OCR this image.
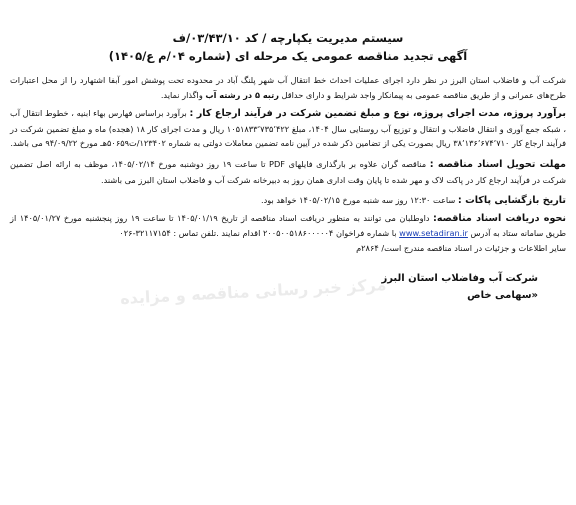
سیستم مدیریت یکپارچه / کد ۰۳/۴۳/۱۰/ف
آگهی تجدید مناقصه عمومی یک مرحله ای (شماره ۰۴/م ع/۱۴۰۵)

شرکت آب و فاضلاب استان البرز در نظر دارد اجرای عملیات احداث خط انتقال آب شهر پلنگ آباد در محدوده تحت پوشش امور آبفا اشتهارد را از محل اعتبارات طرح‌های عمرانی و از طریق مناقصه عمومی به پیمانکار واجد شرایط و دارای حداقل رتبه ۵ در رشته آب واگذار نماید.

برآورد پروژه، مدت اجرای پروژه، نوع و مبلغ تضمین شرکت در فرآیند ارجاع کار : برآورد براساس فهارس بهاء ابنیه ، خطوط انتقال آب ، شبکه جمع آوری و انتقال فاضلاب و انتقال و توزیع آب روستایی سال ۱۴۰۴، مبلغ ۱۰۵۱۸۳۳٬۷۳۵٬۴۲۲ ریال و مدت اجرای کار ۱۸ (هجده) ماه و مبلغ تضمین شرکت در فرآیند ارجاع کار ۳۸٬۱۳۶٬۶۷۴٬۷۱۰ ریال بصورت یکی از تضامین ذکر شده در آیین نامه تضمین معاملات دولتی به شماره ۱۲۳۴۰۲/ت۵۰۶۵۹هـ مورخ ۹۴/۰۹/۲۲ می باشد.

مهلت تحویل اسناد مناقصه : مناقصه گران علاوه بر بارگذاری فایلهای PDF تا ساعت ۱۹ روز دوشنبه مورخ ۱۴۰۵/۰۲/۱۴، موظف به ارائه اصل تضمین شرکت در فرآیند ارجاع کار در پاکت لاک و مهر شده تا پایان وقت اداری همان روز به دبیرخانه شرکت آب و فاضلاب استان البرز می باشند.

تاریخ بازگشایی پاکات : ساعت ۱۲:۳۰ روز سه شنبه مورخ ۱۴۰۵/۰۲/۱۵ خواهد بود.

نحوه دریافت اسناد مناقصه: داوطلبان می توانند به منظور دریافت اسناد مناقصه از تاریخ ۱۴۰۵/۰۱/۱۹ تا ساعت ۱۹ روز پنجشنبه مورخ ۱۴۰۵/۰۱/۲۷ از طریق سامانه ستاد به آدرس www.setadiran.ir با شماره فراخوان ۲۰۰۵۰۰۵۱۸۶۰۰۰۰۰۴ اقدام نمایند .تلفن تماس : ۳۲۱۱۷۱۵۴-۰۲۶

سایر اطلاعات و جزئیات در اسناد مناقصه مندرج است/ ۲۸۶۴م

شرکت آب وفاضلاب استان البرز
«سهامی خاص
مرکز خبر رسانی مناقصه و مزایده
